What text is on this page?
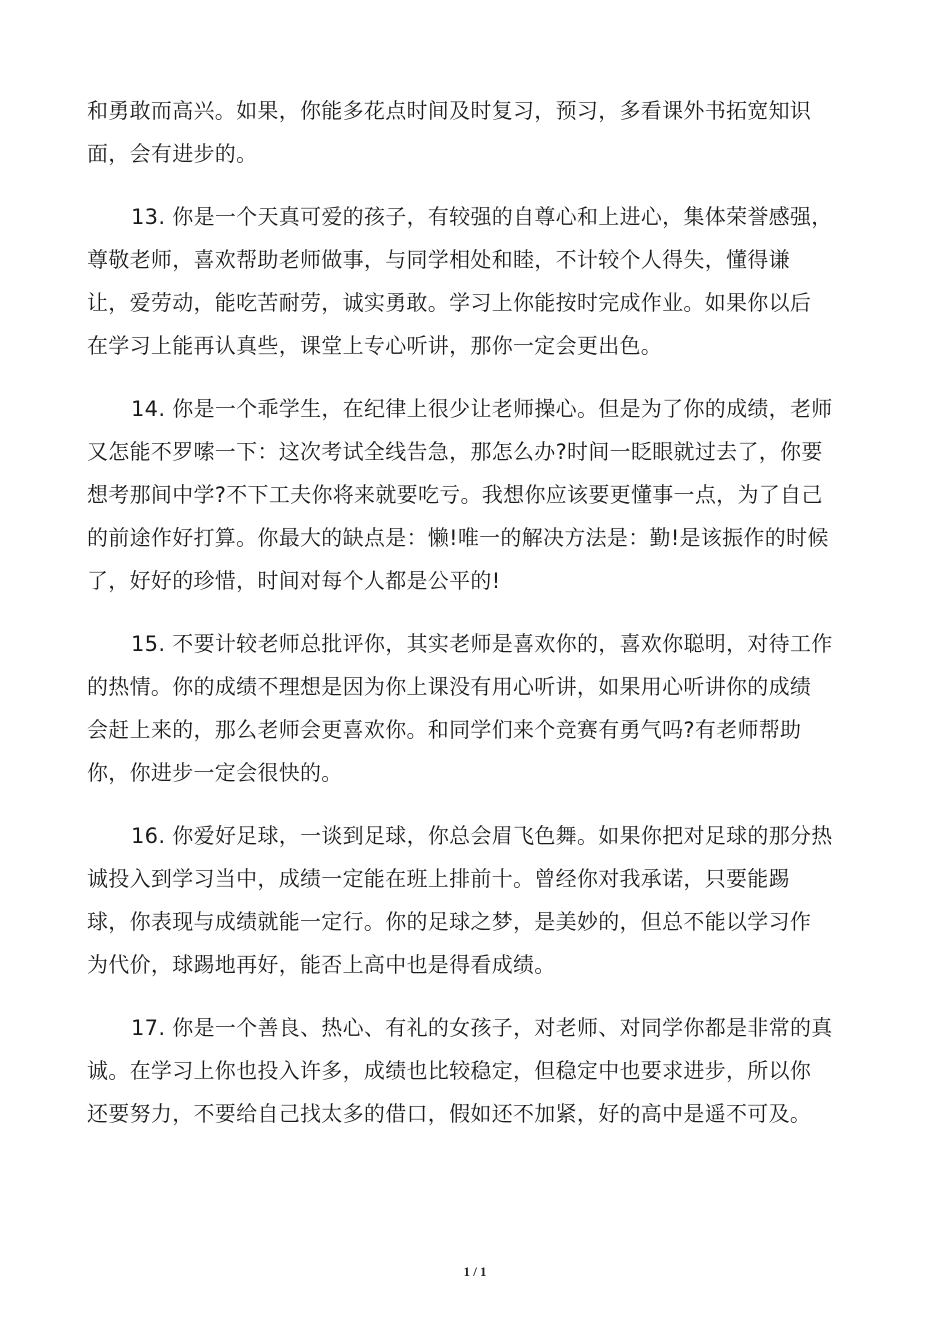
和勇敢而高兴。如果，你能多花点时间及时复习，预习，多看课外书拓宽知识
面，会有进步的。
13. 你是一个天真可爱的孩子，有较强的自尊心和上进心，集体荣誉感强，
尊敬老师，喜欢帮助老师做事，与同学相处和睦，不计较个人得失，懂得谦
让，爱劳动，能吃苦耐劳，诚实勇敢。学习上你能按时完成作业。如果你以后
在学习上能再认真些，课堂上专心听讲，那你一定会更出色。
14. 你是一个乖学生，在纪律上很少让老师操心。但是为了你的成绩，老师
又怎能不罗嗦一下：这次考试全线告急，那怎么办?时间一眨眼就过去了，你要
想考那间中学?不下工夫你将来就要吃亏。我想你应该要更懂事一点，为了自己
的前途作好打算。你最大的缺点是：懒!唯一的解决方法是：勤!是该振作的时候
了，好好的珍惜，时间对每个人都是公平的!
15. 不要计较老师总批评你，其实老师是喜欢你的，喜欢你聪明，对待工作
的热情。你的成绩不理想是因为你上课没有用心听讲，如果用心听讲你的成绩
会赶上来的，那么老师会更喜欢你。和同学们来个竞赛有勇气吗?有老师帮助
你，你进步一定会很快的。
16. 你爱好足球，一谈到足球，你总会眉飞色舞。如果你把对足球的那分热
诚投入到学习当中，成绩一定能在班上排前十。曾经你对我承诺，只要能踢
球，你表现与成绩就能一定行。你的足球之梦，是美妙的，但总不能以学习作
为代价，球踢地再好，能否上高中也是得看成绩。
17. 你是一个善良、热心、有礼的女孩子，对老师、对同学你都是非常的真
诚。在学习上你也投入许多，成绩也比较稳定，但稳定中也要求进步，所以你
还要努力，不要给自己找太多的借口，假如还不加紧，好的高中是遥不可及。
1 / 1
